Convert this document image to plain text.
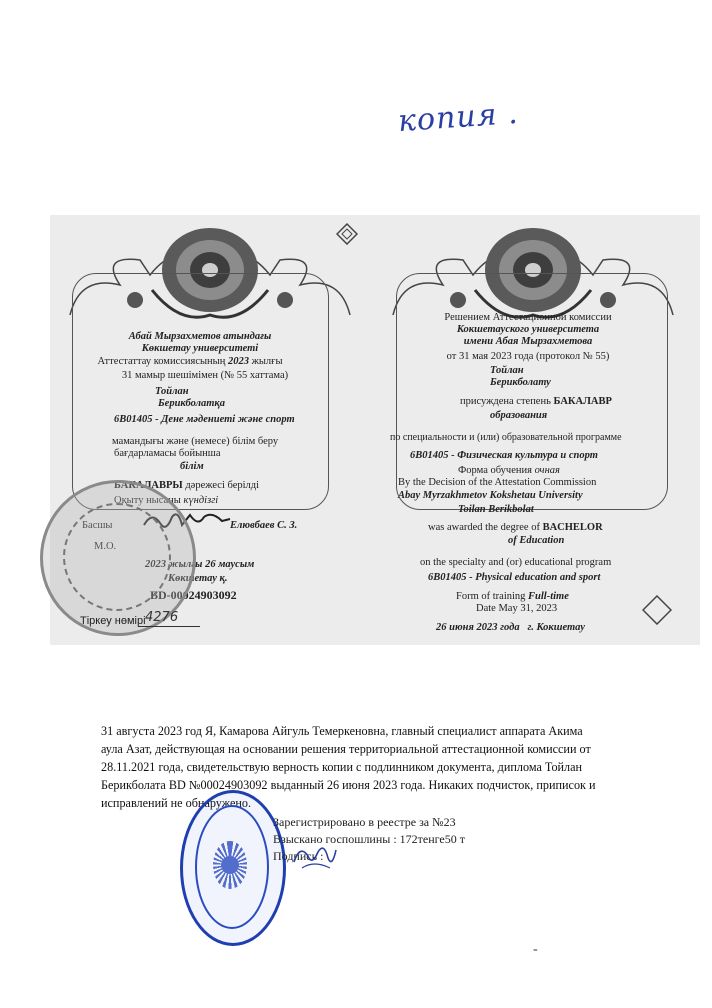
копия .
Абай Мырзахметов атындағы
Көкшетау университеті
Аттестаттау комиссиясының 2023 жылғы
31 мамыр шешімімен (№ 55 хаттама)
Тойлан
Берикболатқа
6В01405 - Дене мәдениеті және спорт
мамандығы және (немесе) білім беру
бағдарламасы бойынша
білім
БАКАЛАВРЫ дәрежесі берілді
Оқыту нысаны күндізгі
Басшы	Елювбаев С. З.
М.О.
2023 жылғы 26 маусым
Көкшетау қ.
BD-00024903092
Решением Аттестационной комиссии
Кокшетауского университета
имени Абая Мырзахметова
от 31 мая 2023 года (протокол № 55)
Тойлан
Берикболату
присуждена степень БАКАЛАВР
образования
по специальности и (или) образовательной программе
6В01405 - Физическая культура и спорт
Форма обучения очная
By the Decision of the Attestation Commission
Abay Myrzakhmetov Kokshetau University
Toilan Berikbolat
was awarded the degree of BACHELOR
of Education
on the specialty and (or) educational program
6В01405 - Physical education and sport
Form of training Full-time
Date May 31, 2023
26 июня 2023 года г. Кокшетау
Тіркеу нөмірі 4276
31 августа 2023 год Я, Камарова Айгуль Темеркеновна, главный специалист аппарата Акима
аула Азат, действующая на основании решения территориальной аттестационной комиссии от
28.11.2021 года, свидетельствую верность копии с подлинником документа, диплома Тойлан
Берикболата BD №00024903092 выданный 26 июня 2023 года. Никаких подчисток, приписок и
исправлений не обнаружено.
Зарегистрировано в реестре за №23
Взыскано госпошлины : 172тенге50 т
Подпись :
-
